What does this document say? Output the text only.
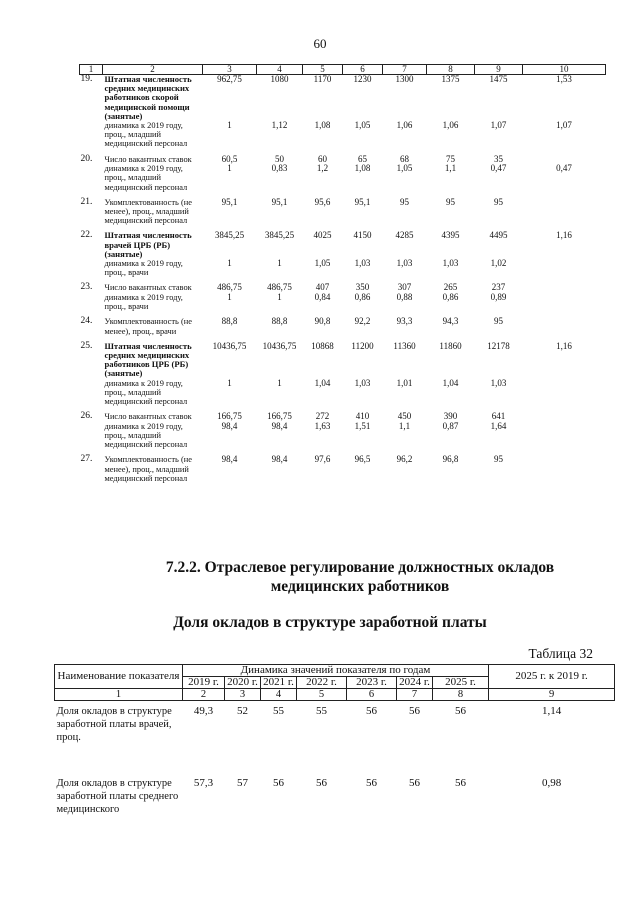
60
1	2	3	4	5	6	7	8	9	10
19.	Штатная численность средних медицинских работников скорой медицинской помощи (занятые)	962,75	1080	1170	1230	1300	1375	1475	1,53
	динамика к 2019 году, проц., младший медицинский персонал	1	1,12	1,08	1,05	1,06	1,06	1,07	1,07
20.	Число вакантных ставок	60,5	50	60	65	68	75	35	
	динамика к 2019 году, проц., младший медицинский персонал	1	0,83	1,2	1,08	1,05	1,1	0,47	0,47
21.	Укомплектованность (не менее), проц., младший медицинский персонал	95,1	95,1	95,6	95,1	95	95	95	
22.	Штатная численность врачей ЦРБ (РБ) (занятые)	3845,25	3845,25	4025	4150	4285	4395	4495	1,16
	динамика к 2019 году, проц., врачи	1	1	1,05	1,03	1,03	1,03	1,02	
23.	Число вакантных ставок	486,75	486,75	407	350	307	265	237	
	динамика к 2019 году, проц., врачи	1	1	0,84	0,86	0,88	0,86	0,89	
24.	Укомплектованность (не менее), проц., врачи	88,8	88,8	90,8	92,2	93,3	94,3	95	
25.	Штатная численность средних медицинских работников ЦРБ (РБ) (занятые)	10436,75	10436,75	10868	11200	11360	11860	12178	1,16
	динамика к 2019 году, проц., младший медицинский персонал	1	1	1,04	1,03	1,01	1,04	1,03	
26.	Число вакантных ставок	166,75	166,75	272	410	450	390	641	
	динамика к 2019 году, проц., младший медицинский персонал	98,4	98,4	1,63	1,51	1,1	0,87	1,64	
27.	Укомплектованность (не менее), проц., младший медицинский персонал	98,4	98,4	97,6	96,5	96,2	96,8	95	
7.2.2. Отраслевое регулирование должностных окладов
медицинских работников
Доля окладов в структуре заработной платы
Таблица 32
Наименование показателя	Динамика значений показателя по годам							2025 г. к 2019 г.
	2019 г.	2020 г.	2021 г.	2022 г.	2023 г.	2024 г.	2025 г.	
1	2	3	4	5	6	7	8	9
Доля окладов в структуре заработной платы врачей, проц.	49,3	52	55	55	56	56	56	1,14
Доля окладов в структуре заработной платы среднего медицинского	57,3	57	56	56	56	56	56	0,98
